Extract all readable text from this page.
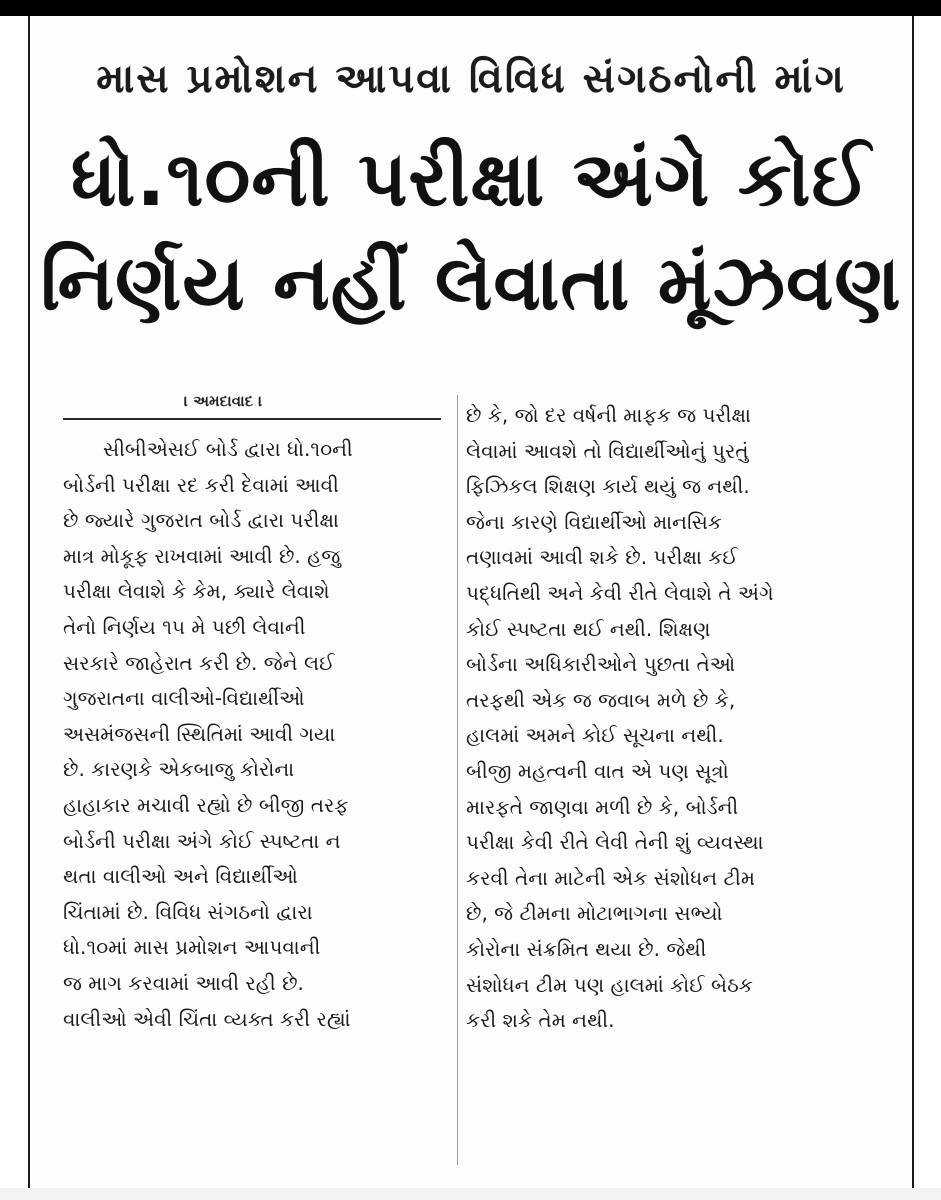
માસ પ્રમોશન આપવા વિવિધ સંગઠનોની માંગ
ધો.૧૦ની પરીક્ષા અંગે કોઈ
નિર્ણય નહીં લેવાતા મૂંઝવણ
। અમદાવાદ ।
સીબીએસઈ બોર્ડ દ્વારા ધો.૧૦ની
બોર્ડની પરીક્ષા રદ કરી દેવામાં આવી
છે જ્યારે ગુજરાત બોર્ડ દ્વારા પરીક્ષા
માત્ર મોકૂફ રાખવામાં આવી છે. હજુ
પરીક્ષા લેવાશે કે કેમ, ક્યારે લેવાશે
તેનો નિર્ણય ૧૫ મે પછી લેવાની
સરકારે જાહેરાત કરી છે. જેને લઈ
ગુજરાતના વાલીઓ-વિદ્યાર્થીઓ
અસમંજસની સ્થિતિમાં આવી ગયા
છે. કારણકે એકબાજુ કોરોના
હાહાકાર મચાવી રહ્યો છે બીજી તરફ
બોર્ડની પરીક્ષા અંગે કોઈ સ્પષ્ટતા ન
થતા વાલીઓ અને વિદ્યાર્થીઓ
ચિંતામાં છે. વિવિધ સંગઠનો દ્વારા
ધો.૧૦માં માસ પ્રમોશન આપવાની
જ માગ કરવામાં આવી રહી છે.
વાલીઓ એવી ચિંતા વ્યક્ત કરી રહ્યાં
છે કે, જો દર વર્ષની માફક જ પરીક્ષા
લેવામાં આવશે તો વિદ્યાર્થીઓનું પુરતું
ફિઝિકલ શિક્ષણ કાર્ય થયું જ નથી.
જેના કારણે વિદ્યાર્થીઓ માનસિક
તણાવમાં આવી શકે છે. પરીક્ષા કઈ
પદ્ધતિથી અને કેવી રીતે લેવાશે તે અંગે
કોઈ સ્પષ્ટતા થઈ નથી. શિક્ષણ
બોર્ડના અધિકારીઓને પુછતા તેઓ
તરફથી એક જ જવાબ મળે છે કે,
હાલમાં અમને કોઈ સૂચના નથી.
બીજી મહત્વની વાત એ પણ સૂત્રો
મારફતે જાણવા મળી છે કે, બોર્ડની
પરીક્ષા કેવી રીતે લેવી તેની શું વ્યવસ્થા
કરવી તેના માટેની એક સંશોધન ટીમ
છે, જે ટીમના મોટાભાગના સભ્યો
કોરોના સંક્રમિત થયા છે. જેથી
સંશોધન ટીમ પણ હાલમાં કોઈ બેઠક
કરી શકે તેમ નથી.
